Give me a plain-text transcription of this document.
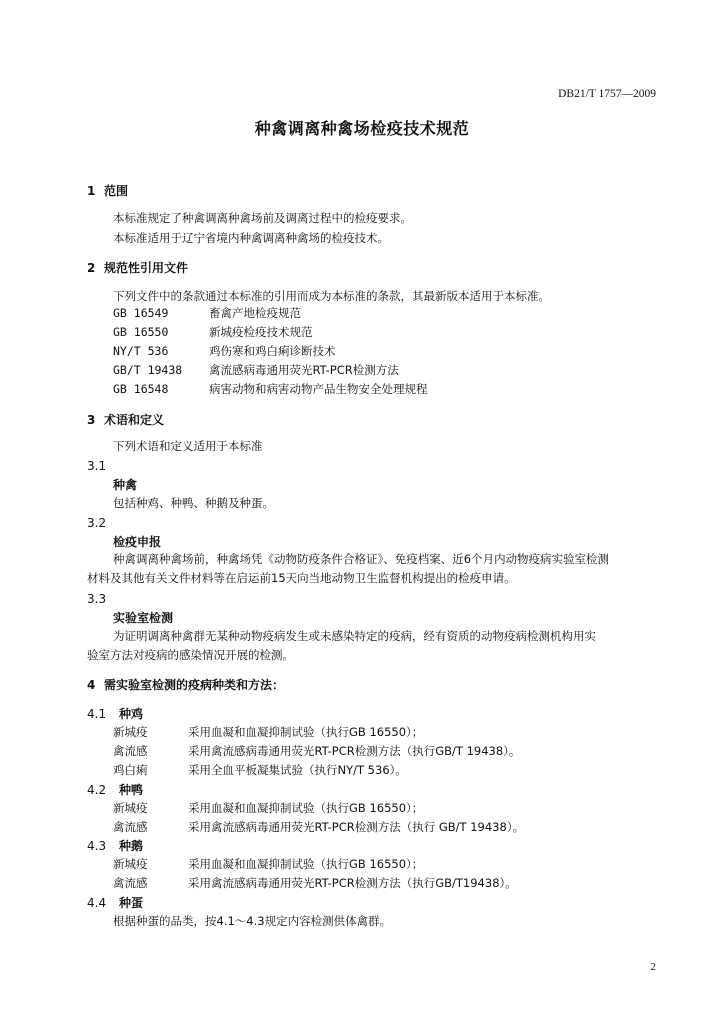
DB21/T 1757—2009
种禽调离种禽场检疫技术规范
1 范围
本标准规定了种禽调离种禽场前及调离过程中的检疫要求。
本标准适用于辽宁省境内种禽调离种禽场的检疫技术。
2 规范性引用文件
下列文件中的条款通过本标准的引用而成为本标准的条款，其最新版本适用于本标准。
GB 16549	畜禽产地检疫规范
GB 16550	新城疫检疫技术规范
NY/T 536	鸡伤寒和鸡白痢诊断技术
GB/T 19438 禽流感病毒通用荧光RT-PCR检测方法
GB 16548	病害动物和病害动物产品生物安全处理规程
3 术语和定义
下列术语和定义适用于本标准
3.1
种禽
包括种鸡、种鸭、种鹅及种蛋。
3.2
检疫申报
种禽调离种禽场前，种禽场凭《动物防疫条件合格证》、免疫档案、近6个月内动物疫病实验室检测
材料及其他有关文件材料等在启运前15天向当地动物卫生监督机构提出的检疫申请。
3.3
实验室检测
为证明调离种禽群无某种动物疫病发生或未感染特定的疫病，经有资质的动物疫病检测机构用实
验室方法对疫病的感染情况开展的检测。
4 需实验室检测的疫病种类和方法：
4.1 种鸡
新城疫	采用血凝和血凝抑制试验（执行GB 16550）；
禽流感	采用禽流感病毒通用荧光RT-PCR检测方法（执行GB/T 19438）。
鸡白痢	采用全血平板凝集试验（执行NY/T 536）。
4.2 种鸭
新城疫	采用血凝和血凝抑制试验（执行GB 16550）；
禽流感	采用禽流感病毒通用荧光RT-PCR检测方法（执行 GB/T 19438）。
4.3 种鹅
新城疫	采用血凝和血凝抑制试验（执行GB 16550）；
禽流感	采用禽流感病毒通用荧光RT-PCR检测方法（执行GB/T19438）。
4.4 种蛋
根据种蛋的品类，按4.1～4.3规定内容检测供体禽群。
2
